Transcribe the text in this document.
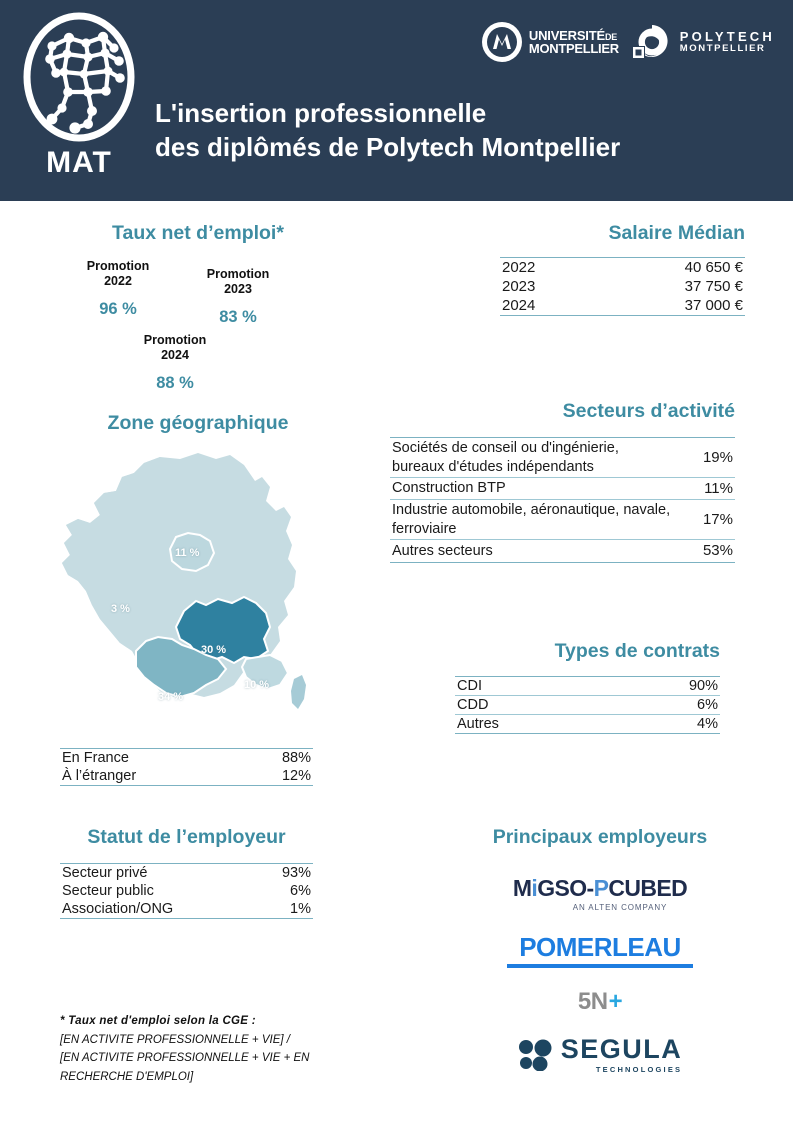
MAT
UNIVERSITÉDE
MONTPELLIER
POLYTECH
MONTPELLIER
L'insertion professionnelle
des diplômés de Polytech Montpellier
Taux net d’emploi*
Promotion
2022
96 %
Promotion
2023
83 %
Promotion
2024
88 %
Salaire Médian
2022	40 650 €
2023	37 750 €
2024	37 000 €
Zone géographique
11 %
3 %
30 %
10 %
34 %
En France	88%
À l’étranger	12%
Secteurs d’activité
Sociétés de conseil ou d'ingénierie, bureaux d'études indépendants	19%
Construction BTP	11%
Industrie automobile, aéronautique, navale, ferroviaire	17%
Autres secteurs	53%
Types de contrats
CDI	90%
CDD	6%
Autres	4%
Statut de l’employeur
Secteur privé	93%
Secteur public	6%
Association/ONG	1%
Principaux employeurs
MiGSO-PCUBED
AN ALTEN COMPANY
POMERLEAU
5N +
SEGULA
TECHNOLOGIES
* Taux net d'emploi selon la CGE :
[EN ACTIVITE PROFESSIONNELLE + VIE] /
[EN ACTIVITE PROFESSIONNELLE + VIE + EN
RECHERCHE D'EMPLOI]
